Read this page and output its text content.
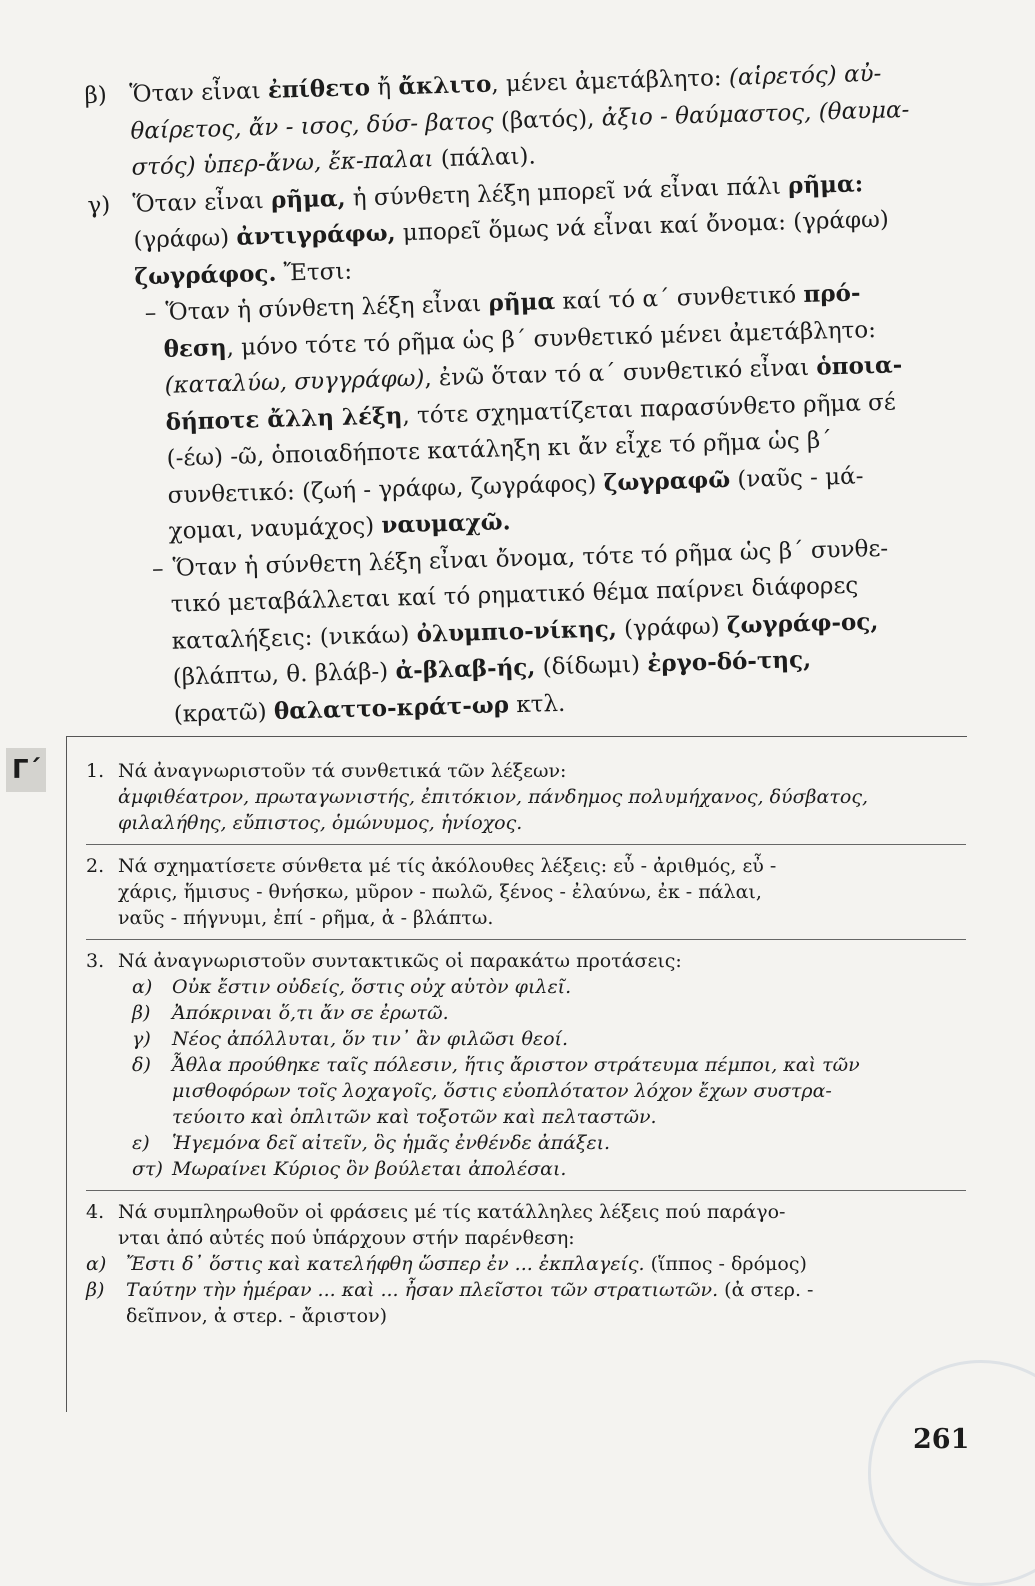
β) Ὅταν εἶναι ἐπίθετο ἤ ἄκλιτο, μένει ἀμετάβλητο: (αἱρετός) αὐ-
θαίρετος, ἄν - ισος, δύσ- βατος (βατός), ἀξιο - θαύμαστος, (θαυμα-
στός) ὑπερ-ἄνω, ἔκ-παλαι (πάλαι).
γ) Ὅταν εἶναι ρῆμα, ἡ σύνθετη λέξη μπορεῖ νά εἶναι πάλι ρῆμα:
(γράφω) ἀντιγράφω, μπορεῖ ὅμως νά εἶναι καί ὄνομα: (γράφω)
ζωγράφος. Ἔτσι:
– Ὅταν ἡ σύνθετη λέξη εἶναι ρῆμα καί τό α΄ συνθετικό πρό-
θεση, μόνο τότε τό ρῆμα ὡς β΄ συνθετικό μένει ἀμετάβλητο:
(καταλύω, συγγράφω), ἐνῶ ὅταν τό α΄ συνθετικό εἶναι ὁποια-
δήποτε ἄλλη λέξη, τότε σχηματίζεται παρασύνθετο ρῆμα σέ
(-έω) -ῶ, ὁποιαδήποτε κατάληξη κι ἄν εἶχε τό ρῆμα ὡς β΄
συνθετικό: (ζωή - γράφω, ζωγράφος) ζωγραφῶ (ναῦς - μά-
χομαι, ναυμάχος) ναυμαχῶ.
– Ὅταν ἡ σύνθετη λέξη εἶναι ὄνομα, τότε τό ρῆμα ὡς β΄ συνθε-
τικό μεταβάλλεται καί τό ρηματικό θέμα παίρνει διάφορες
καταλήξεις: (νικάω) ὀλυμπιο-νίκης, (γράφω) ζωγράφ-ος,
(βλάπτω, θ. βλάβ-) ἀ-βλαβ-ής, (δίδωμι) ἐργο-δό-της,
(κρατῶ) θαλαττο-κράτ-ωρ κτλ.
Γ΄	1. Νά ἀναγνωριστοῦν τά συνθετικά τῶν λέξεων:
ἀμφιθέατρον, πρωταγωνιστής, ἐπιτόκιον, πάνδημος πολυμήχανος, δύσβατος,
φιλαλήθης, εὔπιστος, ὁμώνυμος, ἡνίοχος.
2. Νά σχηματίσετε σύνθετα μέ τίς ἀκόλουθες λέξεις: εὖ - ἀριθμός, εὖ -
χάρις, ἥμισυς - θνήσκω, μῦρον - πωλῶ, ξένος - ἐλαύνω, ἐκ - πάλαι,
ναῦς - πήγνυμι, ἐπί - ρῆμα, ἀ - βλάπτω.
3. Νά ἀναγνωριστοῦν συντακτικῶς οἱ παρακάτω προτάσεις:
α) Οὐκ ἔστιν οὐδείς, ὅστις οὐχ αὑτὸν φιλεῖ.
β) Ἀπόκριναι ὅ,τι ἄν σε ἐρωτῶ.
γ) Νέος ἀπόλλυται, ὅν τιν᾿ ἂν φιλῶσι θεοί.
δ) Ἆθλα προύθηκε ταῖς πόλεσιν, ἥτις ἄριστον στράτευμα πέμποι, καὶ τῶν
μισθοφόρων τοῖς λοχαγοῖς, ὅστις εὐοπλότατον λόχον ἔχων συστρα-
τεύοιτο καὶ ὁπλιτῶν καὶ τοξοτῶν καὶ πελταστῶν.
ε) Ἡγεμόνα δεῖ αἰτεῖν, ὃς ἡμᾶς ἐνθένδε ἀπάξει.
στ) Μωραίνει Κύριος ὃν βούλεται ἀπολέσαι.
4. Νά συμπληρωθοῦν οἱ φράσεις μέ τίς κατάλληλες λέξεις πού παράγο-
νται ἀπό αὐτές πού ὑπάρχουν στήν παρένθεση:
α) Ἔστι δ᾿ ὅστις καὶ κατελήφθη ὥσπερ ἐν ... ἐκπλαγείς. (ἵππος - δρόμος)
β) Ταύτην τὴν ἡμέραν ... καὶ ... ἦσαν πλεῖστοι τῶν στρατιωτῶν. (ἀ στερ. -
δεῖπνον, ἀ στερ. - ἄριστον)
261
